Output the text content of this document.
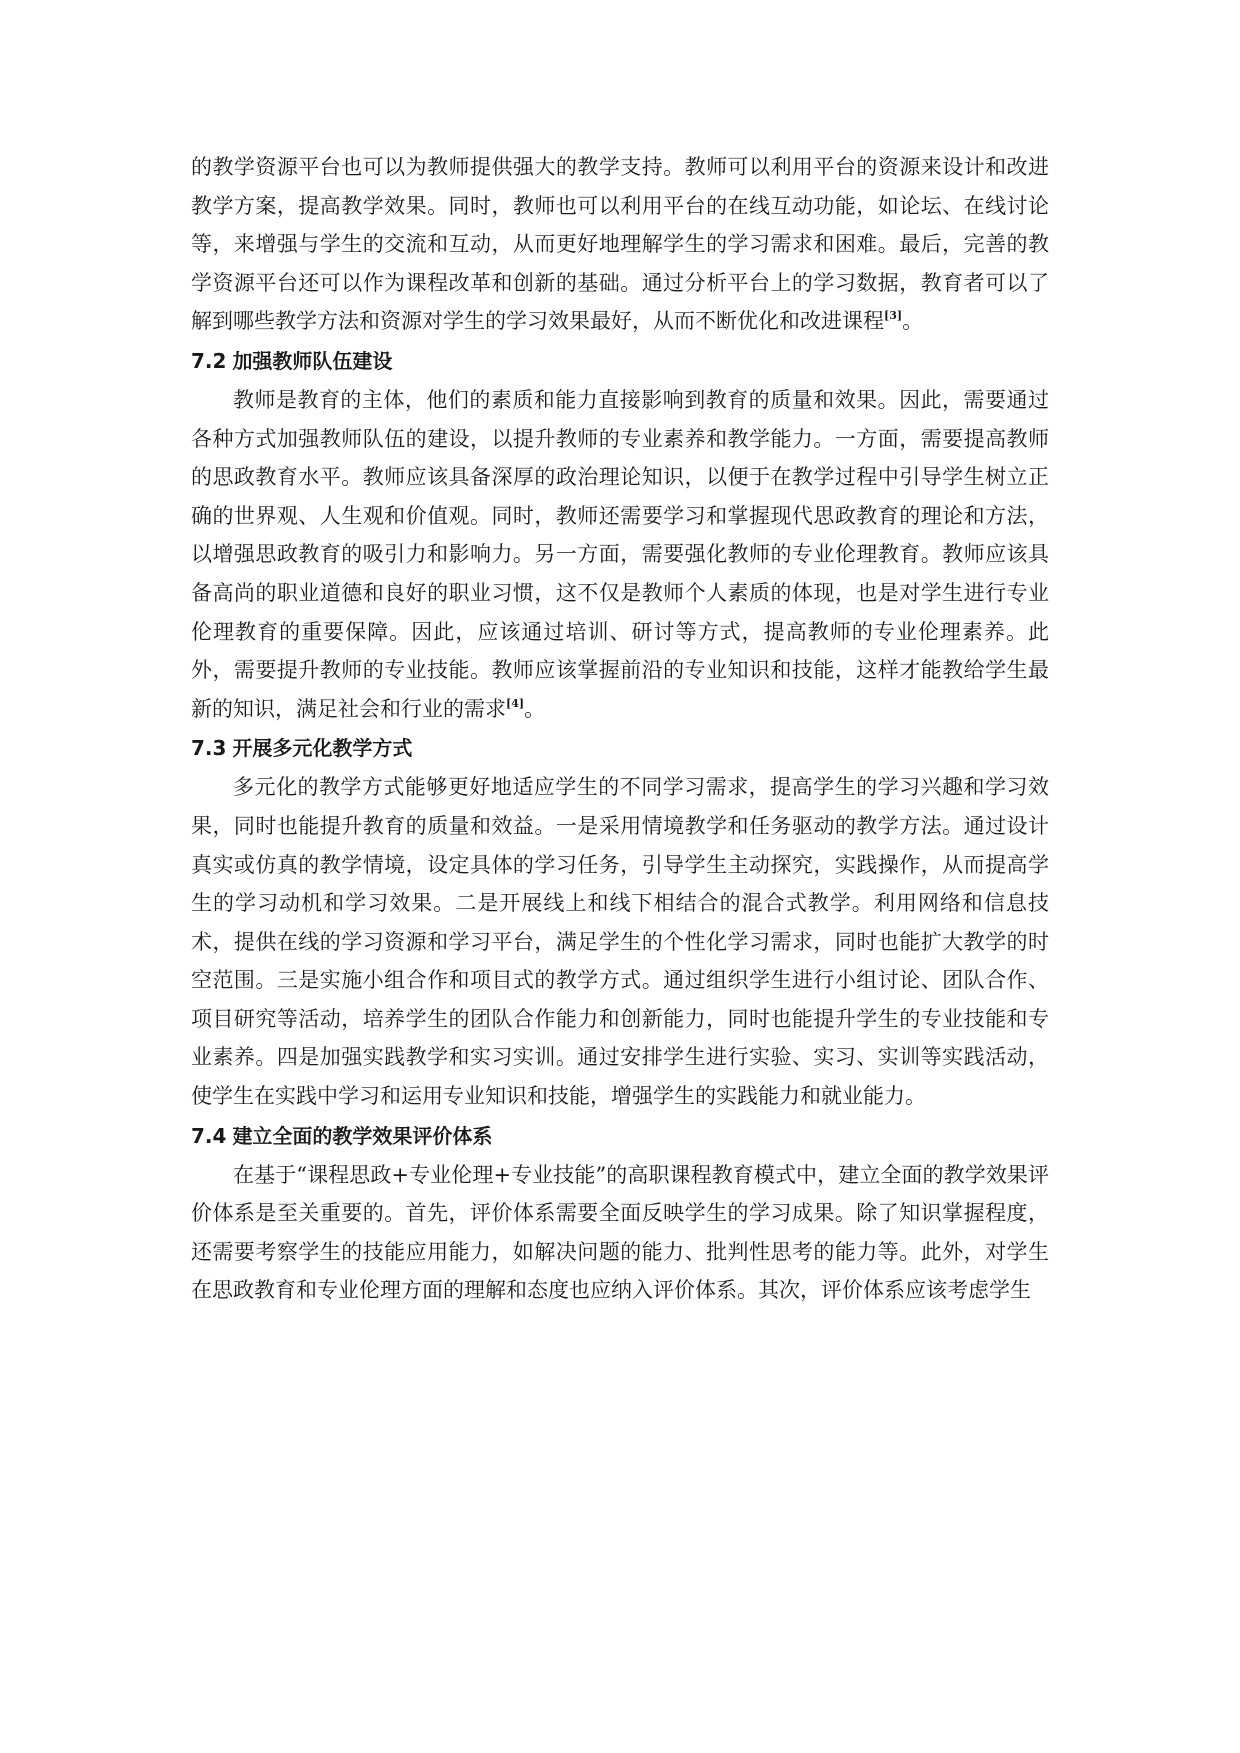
的教学资源平台也可以为教师提供强大的教学支持。教师可以利用平台的资源来设计和改进教学方案，提高教学效果。同时，教师也可以利用平台的在线互动功能，如论坛、在线讨论等，来增强与学生的交流和互动，从而更好地理解学生的学习需求和困难。最后，完善的教学资源平台还可以作为课程改革和创新的基础。通过分析平台上的学习数据，教育者可以了解到哪些教学方法和资源对学生的学习效果最好，从而不断优化和改进课程[3]。

7.2 加强教师队伍建设

教师是教育的主体，他们的素质和能力直接影响到教育的质量和效果。因此，需要通过各种方式加强教师队伍的建设，以提升教师的专业素养和教学能力。一方面，需要提高教师的思政教育水平。教师应该具备深厚的政治理论知识，以便于在教学过程中引导学生树立正确的世界观、人生观和价值观。同时，教师还需要学习和掌握现代思政教育的理论和方法，以增强思政教育的吸引力和影响力。另一方面，需要强化教师的专业伦理教育。教师应该具备高尚的职业道德和良好的职业习惯，这不仅是教师个人素质的体现，也是对学生进行专业伦理教育的重要保障。因此，应该通过培训、研讨等方式，提高教师的专业伦理素养。此外，需要提升教师的专业技能。教师应该掌握前沿的专业知识和技能，这样才能教给学生最新的知识，满足社会和行业的需求[4]。

7.3 开展多元化教学方式

多元化的教学方式能够更好地适应学生的不同学习需求，提高学生的学习兴趣和学习效果，同时也能提升教育的质量和效益。一是采用情境教学和任务驱动的教学方法。通过设计真实或仿真的教学情境，设定具体的学习任务，引导学生主动探究，实践操作，从而提高学生的学习动机和学习效果。二是开展线上和线下相结合的混合式教学。利用网络和信息技术，提供在线的学习资源和学习平台，满足学生的个性化学习需求，同时也能扩大教学的时空范围。三是实施小组合作和项目式的教学方式。通过组织学生进行小组讨论、团队合作、项目研究等活动，培养学生的团队合作能力和创新能力，同时也能提升学生的专业技能和专业素养。四是加强实践教学和实习实训。通过安排学生进行实验、实习、实训等实践活动，使学生在实践中学习和运用专业知识和技能，增强学生的实践能力和就业能力。

7.4 建立全面的教学效果评价体系

在基于“课程思政+专业伦理+专业技能”的高职课程教育模式中，建立全面的教学效果评价体系是至关重要的。首先，评价体系需要全面反映学生的学习成果。除了知识掌握程度，还需要考察学生的技能应用能力，如解决问题的能力、批判性思考的能力等。此外，对学生在思政教育和专业伦理方面的理解和态度也应纳入评价体系。其次，评价体系应该考虑学生
